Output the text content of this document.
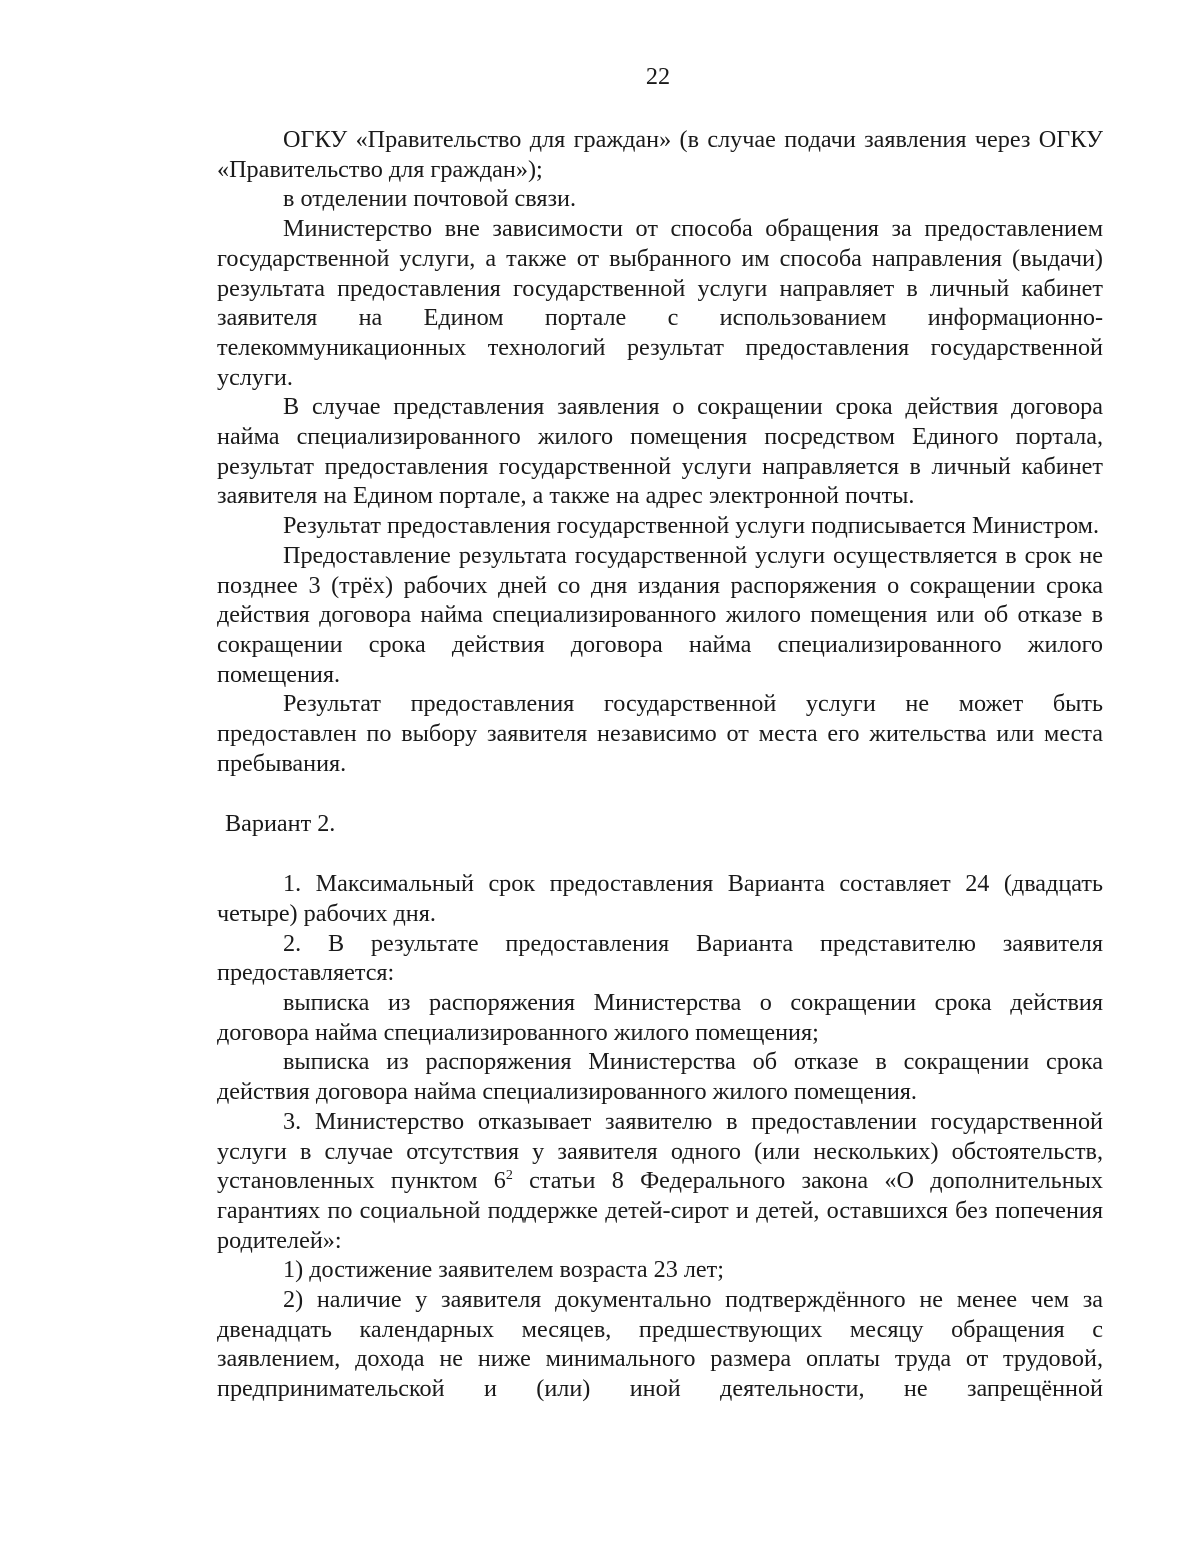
22

ОГКУ «Правительство для граждан» (в случае подачи заявления через ОГКУ «Правительство для граждан»);

в отделении почтовой связи.

Министерство вне зависимости от способа обращения за предоставлением государственной услуги, а также от выбранного им способа направления (выдачи) результата предоставления государственной услуги направляет в личный кабинет заявителя на Едином портале с использованием информационно-телекоммуникационных технологий результат предоставления государственной услуги.

В случае представления заявления о сокращении срока действия договора найма специализированного жилого помещения посредством Единого портала, результат предоставления государственной услуги направляется в личный кабинет заявителя на Едином портале, а также на адрес электронной почты.

Результат предоставления государственной услуги подписывается Министром.

Предоставление результата государственной услуги осуществляется в срок не позднее 3 (трёх) рабочих дней со дня издания распоряжения о сокращении срока действия договора найма специализированного жилого помещения или об отказе в сокращении срока действия договора найма специализированного жилого помещения.

Результат предоставления государственной услуги не может быть предоставлен по выбору заявителя независимо от места его жительства или места пребывания.

Вариант 2.

1. Максимальный срок предоставления Варианта составляет 24 (двадцать четыре) рабочих дня.

2. В результате предоставления Варианта представителю заявителя предоставляется:

выписка из распоряжения Министерства о сокращении срока действия договора найма специализированного жилого помещения;

выписка из распоряжения Министерства об отказе в сокращении срока действия договора найма специализированного жилого помещения.

3. Министерство отказывает заявителю в предоставлении государственной услуги в случае отсутствия у заявителя одного (или нескольких) обстоятельств, установленных пунктом $6^2$ статьи 8 Федерального закона «О дополнительных гарантиях по социальной поддержке детей-сирот и детей, оставшихся без попечения родителей»:

1) достижение заявителем возраста 23 лет;

2) наличие у заявителя документально подтверждённого не менее чем за двенадцать календарных месяцев, предшествующих месяцу обращения с заявлением, дохода не ниже минимального размера оплаты труда от трудовой, предпринимательской и (или) иной деятельности, не запрещённой
